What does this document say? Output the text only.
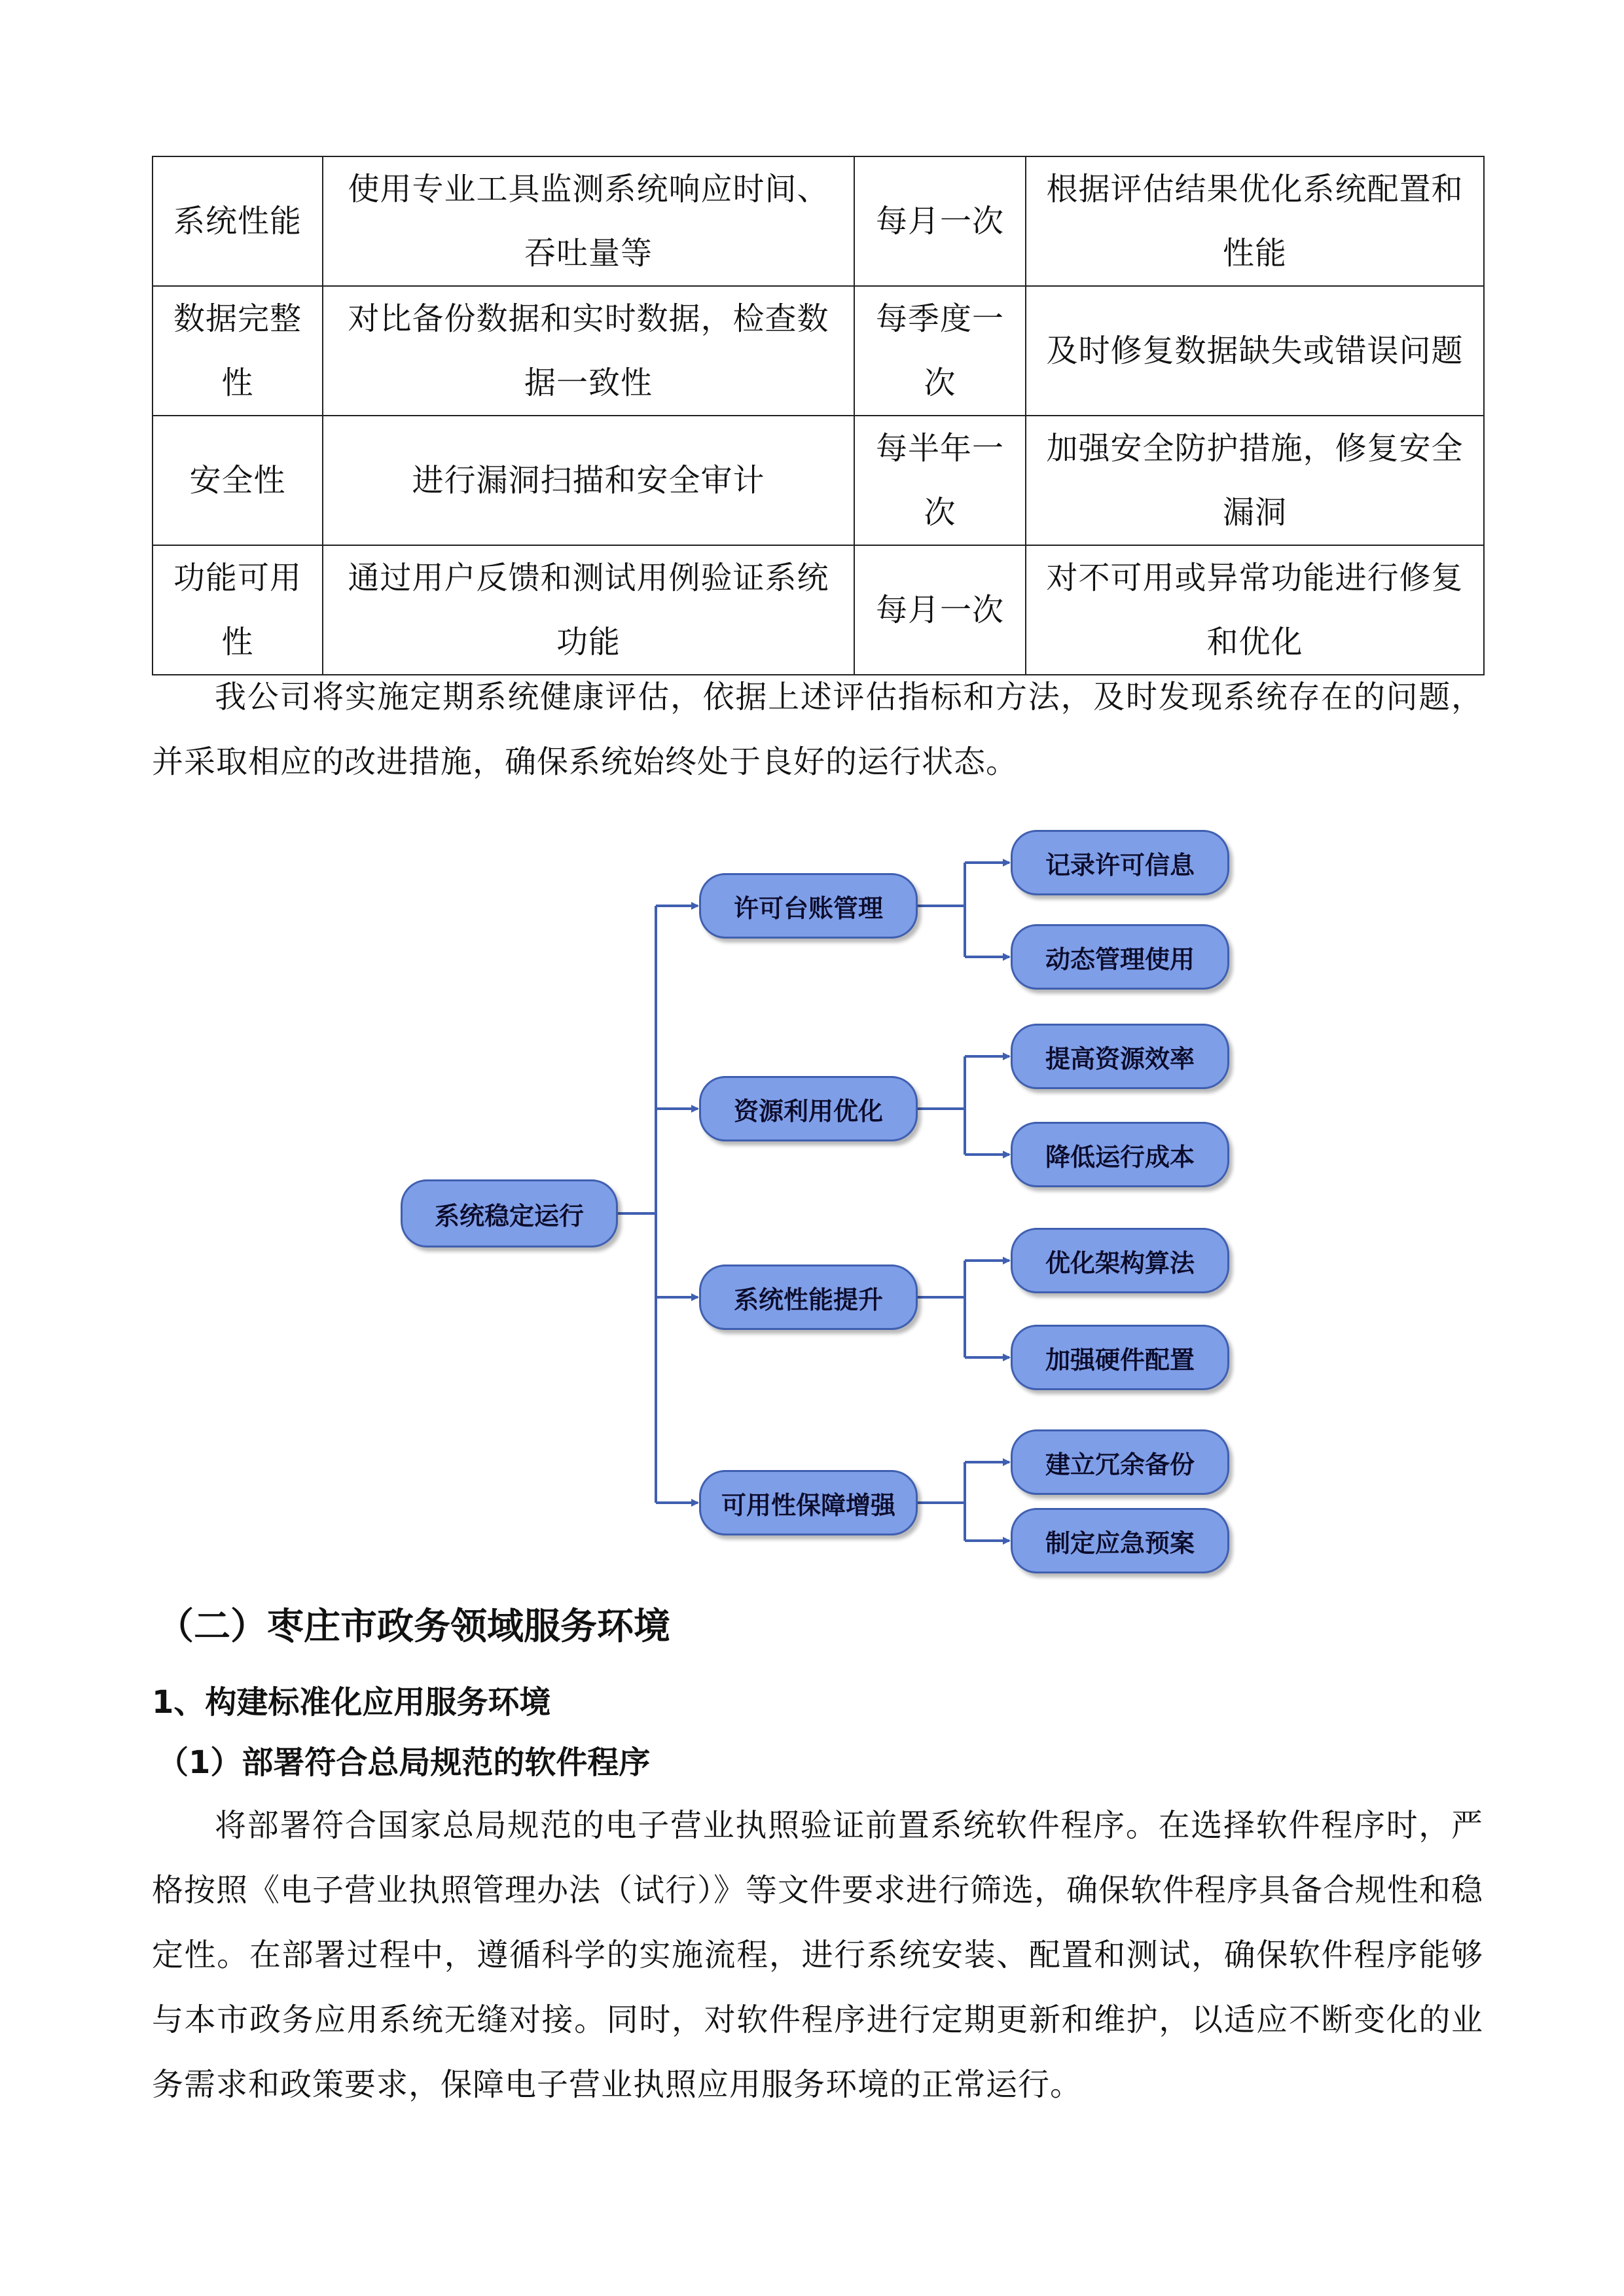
系统性能	使用专业工具监测系统响应时间、吞吐量等	每月一次	根据评估结果优化系统配置和性能
数据完整性	对比备份数据和实时数据，检查数据一致性	每季度一次	及时修复数据缺失或错误问题
安全性	进行漏洞扫描和安全审计	每半年一次	加强安全防护措施，修复安全漏洞
功能可用性	通过用户反馈和测试用例验证系统功能	每月一次	对不可用或异常功能进行修复和优化

我公司将实施定期系统健康评估，依据上述评估指标和方法，及时发现系统存在的问题，并采取相应的改进措施，确保系统始终处于良好的运行状态。

系统稳定运行
许可台账管理
资源利用优化
系统性能提升
可用性保障增强
记录许可信息
动态管理使用
提高资源效率
降低运行成本
优化架构算法
加强硬件配置
建立冗余备份
制定应急预案
（二）枣庄市政务领域服务环境
1、构建标准化应用服务环境
（1）部署符合总局规范的软件程序

将部署符合国家总局规范的电子营业执照验证前置系统软件程序。在选择软件程序时，严格按照《电子营业执照管理办法（试行）》等文件要求进行筛选，确保软件程序具备合规性和稳定性。在部署过程中，遵循科学的实施流程，进行系统安装、配置和测试，确保软件程序能够与本市政务应用系统无缝对接。同时，对软件程序进行定期更新和维护，以适应不断变化的业务需求和政策要求，保障电子营业执照应用服务环境的正常运行。
